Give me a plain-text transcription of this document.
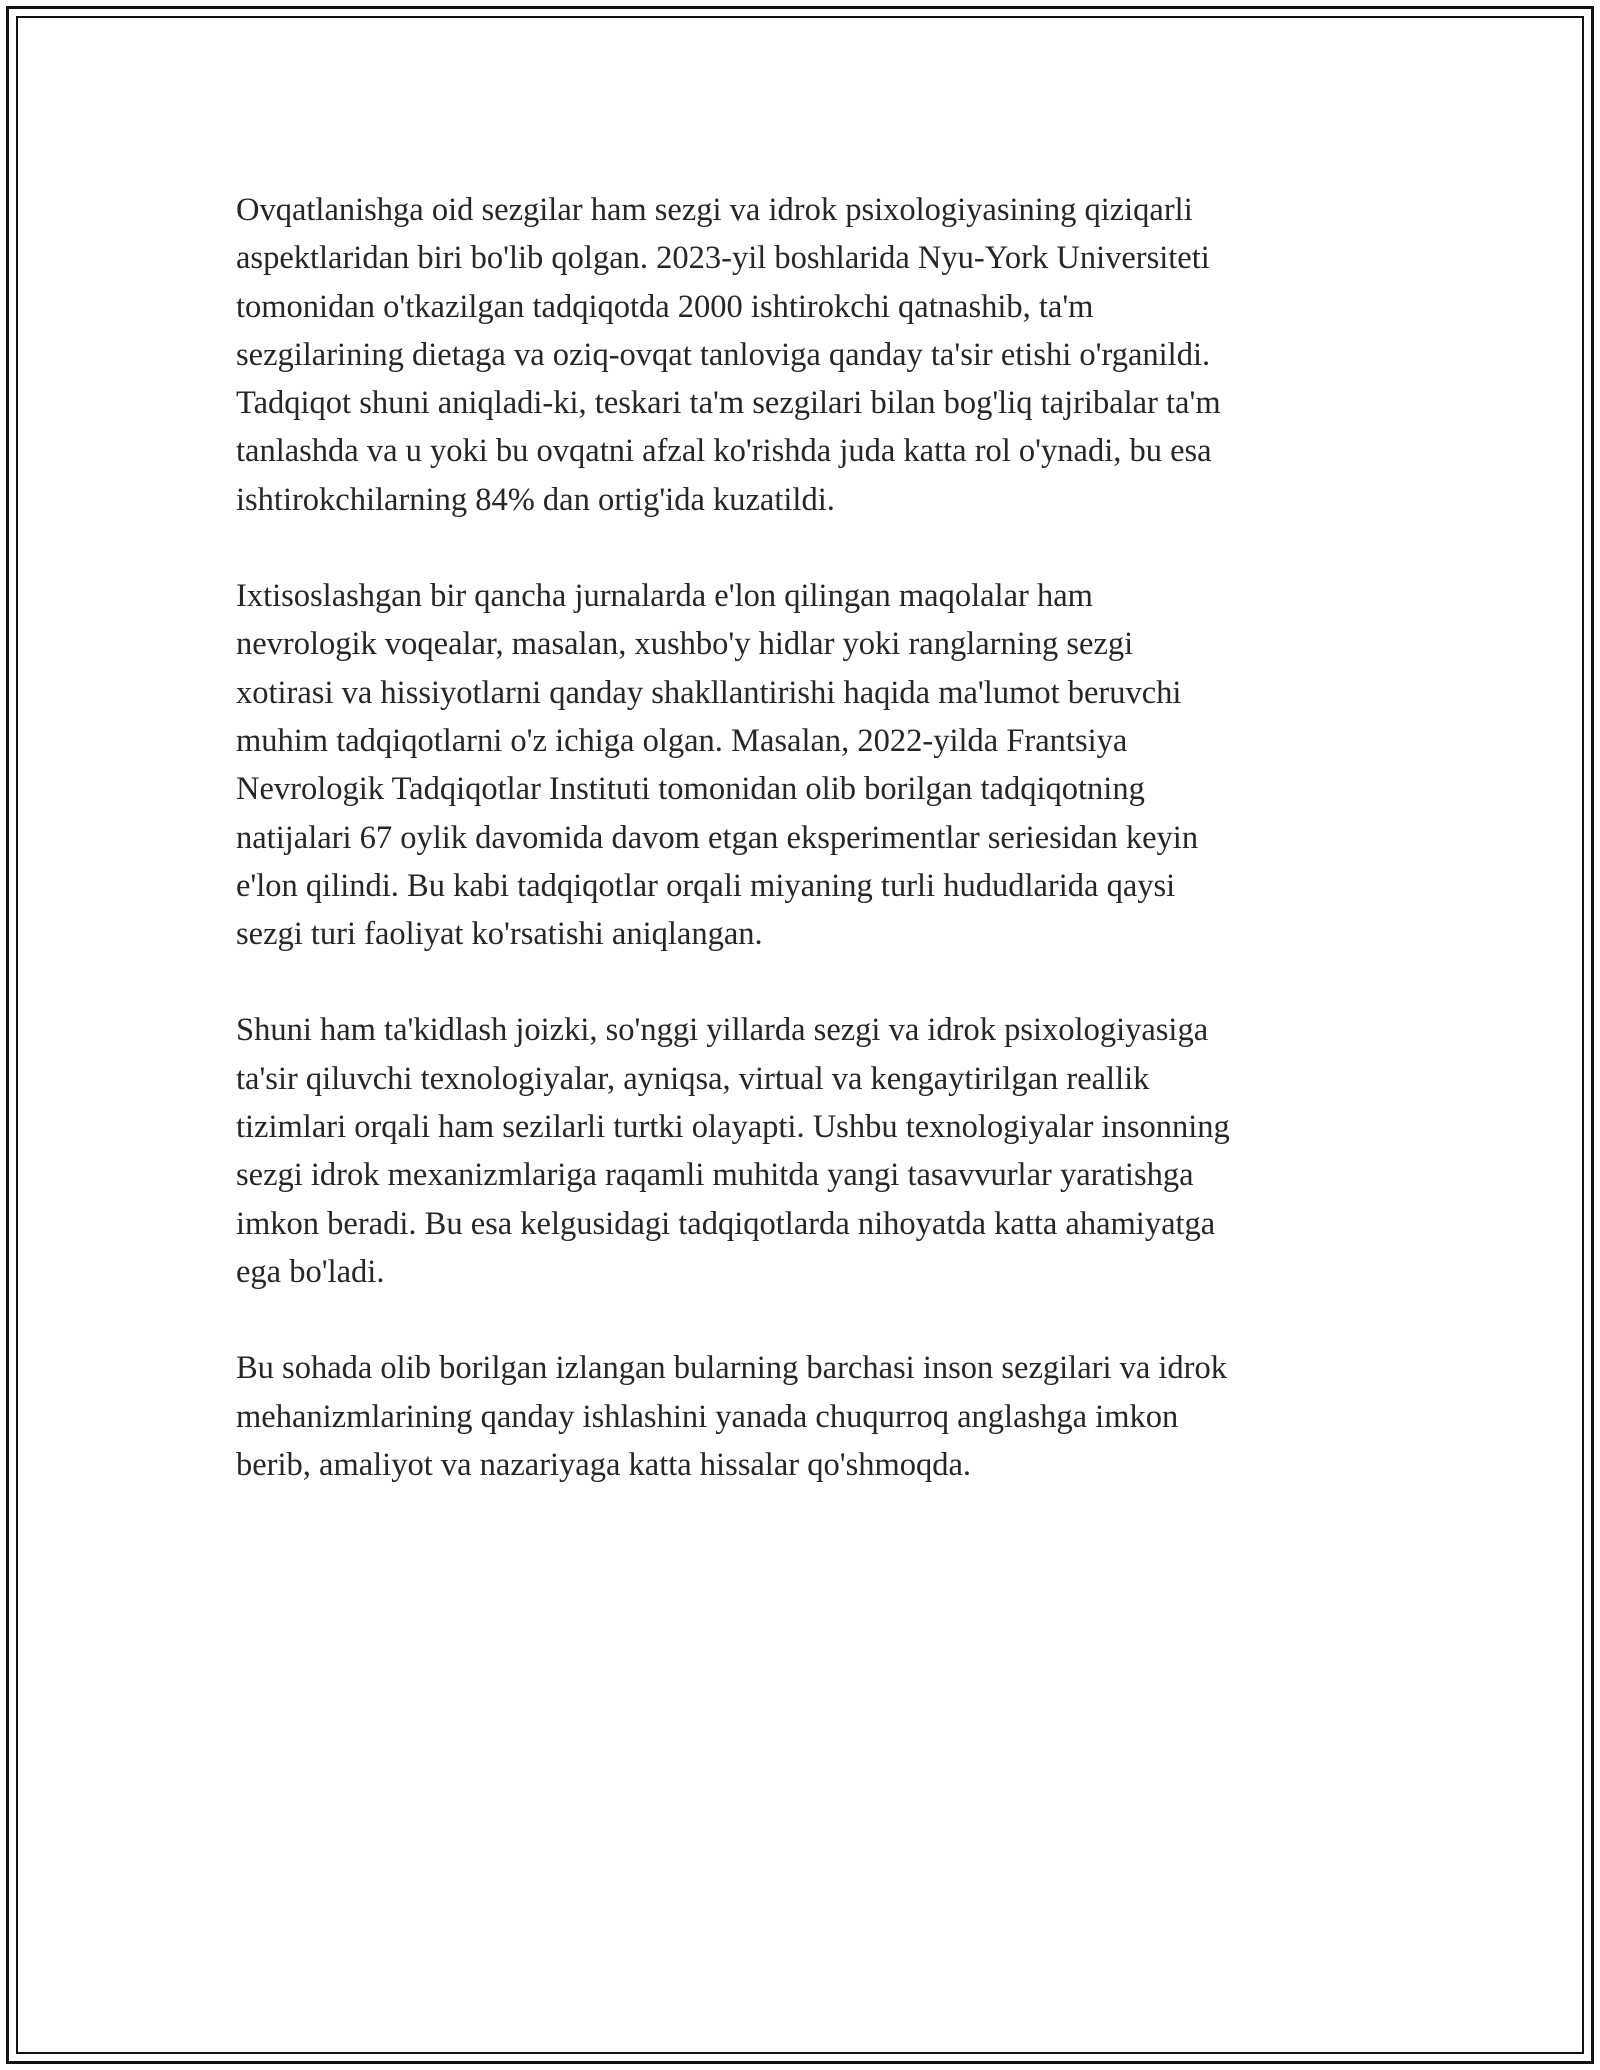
Ovqatlanishga oid sezgilar ham sezgi va idrok psixologiyasining qiziqarli
aspektlaridan biri bo'lib qolgan. 2023-yil boshlarida Nyu-York Universiteti
tomonidan o'tkazilgan tadqiqotda 2000 ishtirokchi qatnashib, ta'm
sezgilarining dietaga va oziq-ovqat tanloviga qanday ta'sir etishi o'rganildi.
Tadqiqot shuni aniqladi-ki, teskari ta'm sezgilari bilan bog'liq tajribalar ta'm
tanlashda va u yoki bu ovqatni afzal ko'rishda juda katta rol o'ynadi, bu esa
ishtirokchilarning 84% dan ortig'ida kuzatildi.

Ixtisoslashgan bir qancha jurnalarda e'lon qilingan maqolalar ham
nevrologik voqealar, masalan, xushbo'y hidlar yoki ranglarning sezgi
xotirasi va hissiyotlarni qanday shakllantirishi haqida ma'lumot beruvchi
muhim tadqiqotlarni o'z ichiga olgan. Masalan, 2022-yilda Frantsiya
Nevrologik Tadqiqotlar Instituti tomonidan olib borilgan tadqiqotning
natijalari 67 oylik davomida davom etgan eksperimentlar seriesidan keyin
e'lon qilindi. Bu kabi tadqiqotlar orqali miyaning turli hududlarida qaysi
sezgi turi faoliyat ko'rsatishi aniqlangan.

Shuni ham ta'kidlash joizki, so'nggi yillarda sezgi va idrok psixologiyasiga
ta'sir qiluvchi texnologiyalar, ayniqsa, virtual va kengaytirilgan reallik
tizimlari orqali ham sezilarli turtki olayapti. Ushbu texnologiyalar insonning
sezgi idrok mexanizmlariga raqamli muhitda yangi tasavvurlar yaratishga
imkon beradi. Bu esa kelgusidagi tadqiqotlarda nihoyatda katta ahamiyatga
ega bo'ladi.

Bu sohada olib borilgan izlangan bularning barchasi inson sezgilari va idrok
mehanizmlarining qanday ishlashini yanada chuqurroq anglashga imkon
berib, amaliyot va nazariyaga katta hissalar qo'shmoqda.
